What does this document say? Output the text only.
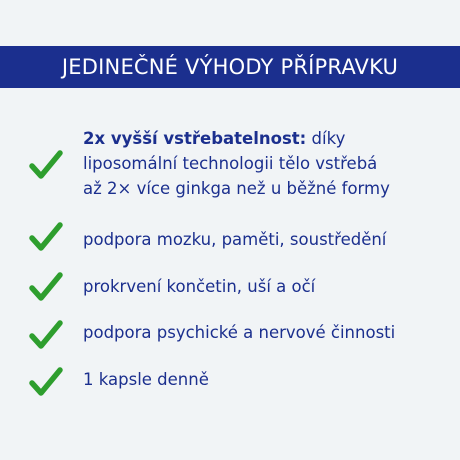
JEDINEČNÉ VÝHODY PŘÍPRAVKU
2x vyšší vstřebatelnost: díky
liposomální technologii tělo vstřebá
až 2× více ginkga než u běžné formy
podpora mozku, paměti, soustředění
prokrvení končetin, uší a očí
podpora psychické a nervové činnosti
1 kapsle denně
